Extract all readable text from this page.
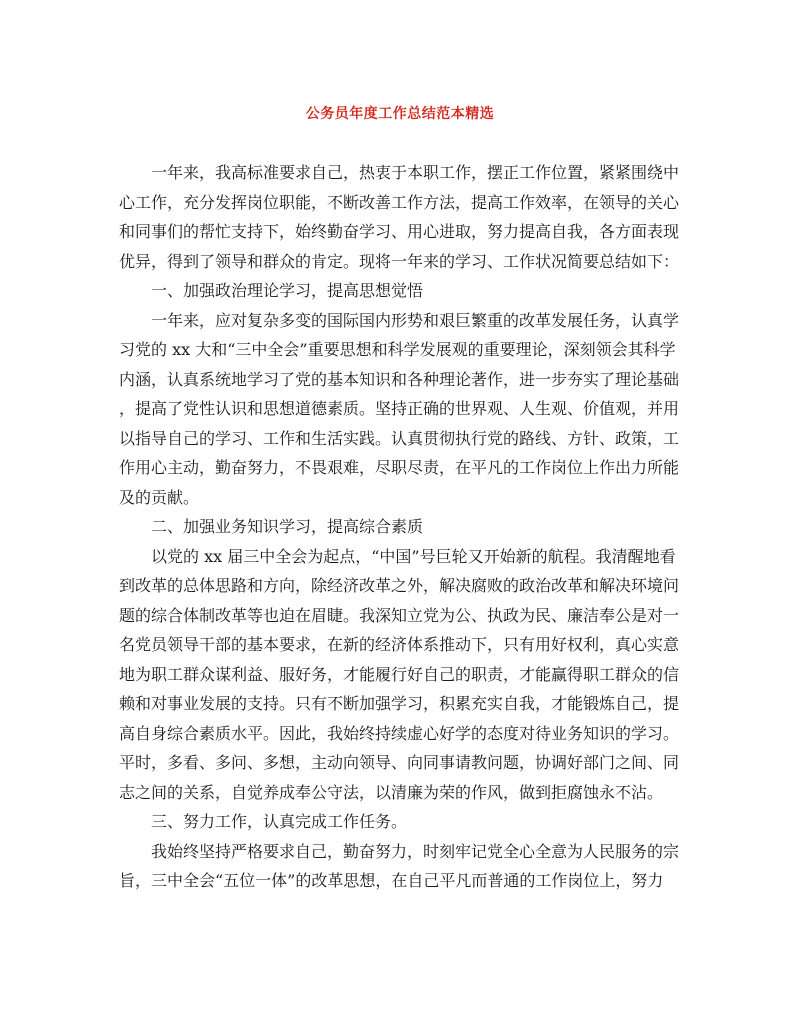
公务员年度工作总结范本精选
一年来，我高标准要求自己，热衷于本职工作，摆正工作位置，紧紧围绕中
心工作，充分发挥岗位职能，不断改善工作方法，提高工作效率，在领导的关心
和同事们的帮忙支持下，始终勤奋学习、用心进取，努力提高自我，各方面表现
优异，得到了领导和群众的肯定。现将一年来的学习、工作状况简要总结如下：
一、加强政治理论学习，提高思想觉悟
一年来，应对复杂多变的国际国内形势和艰巨繁重的改革发展任务，认真学
习党的 xx 大和“三中全会”重要思想和科学发展观的重要理论，深刻领会其科学
内涵，认真系统地学习了党的基本知识和各种理论著作，进一步夯实了理论基础
，提高了党性认识和思想道德素质。坚持正确的世界观、人生观、价值观，并用
以指导自己的学习、工作和生活实践。认真贯彻执行党的路线、方针、政策，工
作用心主动，勤奋努力，不畏艰难，尽职尽责，在平凡的工作岗位上作出力所能
及的贡献。
二、加强业务知识学习，提高综合素质
以党的 xx 届三中全会为起点，“中国”号巨轮又开始新的航程。我清醒地看
到改革的总体思路和方向，除经济改革之外，解决腐败的政治改革和解决环境问
题的综合体制改革等也迫在眉睫。我深知立党为公、执政为民、廉洁奉公是对一
名党员领导干部的基本要求，在新的经济体系推动下，只有用好权利，真心实意
地为职工群众谋利益、服好务，才能履行好自己的职责，才能赢得职工群众的信
赖和对事业发展的支持。只有不断加强学习，积累充实自我，才能锻炼自己，提
高自身综合素质水平。因此，我始终持续虚心好学的态度对待业务知识的学习。
平时，多看、多问、多想，主动向领导、向同事请教问题，协调好部门之间、同
志之间的关系，自觉养成奉公守法，以清廉为荣的作风，做到拒腐蚀永不沾。
三、努力工作，认真完成工作任务。
我始终坚持严格要求自己，勤奋努力，时刻牢记党全心全意为人民服务的宗
旨，三中全会“五位一体”的改革思想，在自己平凡而普通的工作岗位上，努力
